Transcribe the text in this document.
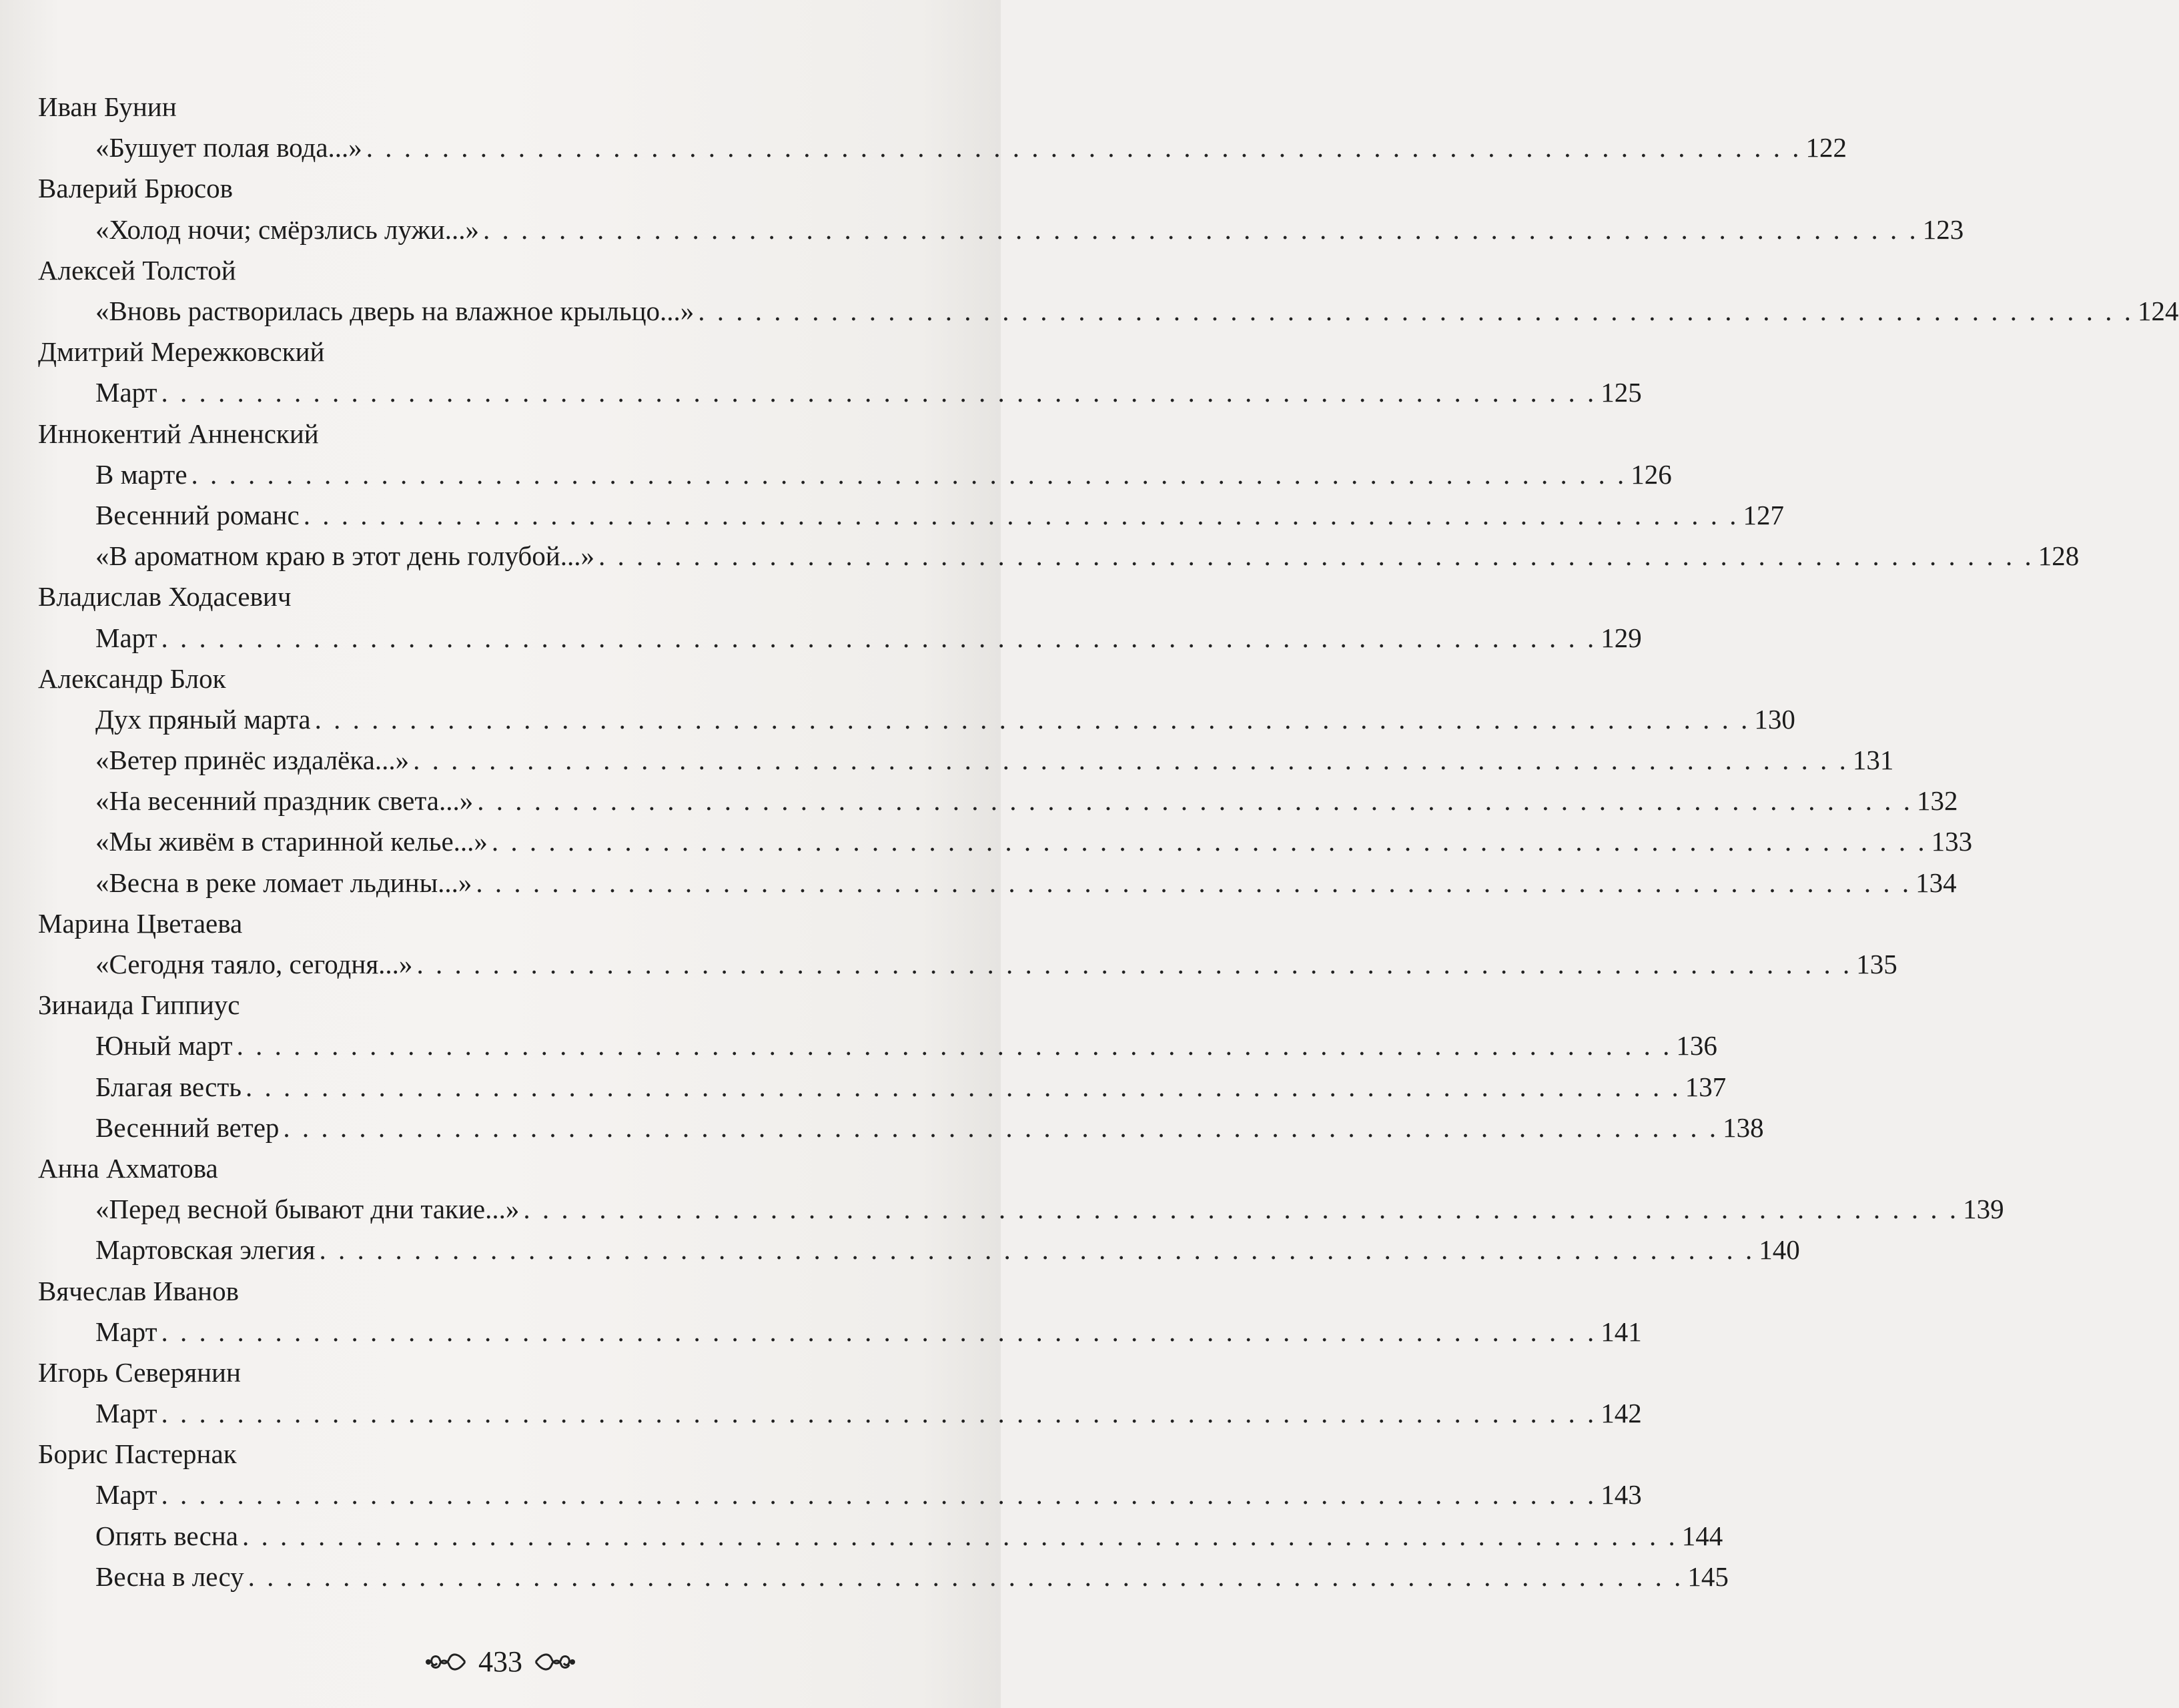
Иван Бунин
«Бушует полая вода...» . . . . . . . . . . . . . . . . . . . . . . . . . . . . . . . . . . . . . . . . . . . . . . . . . . . . . . . . . . . . . . . . . . . . . . . . . . . . 122
Валерий Брюсов
«Холод ночи; смёрзлись лужи...» . . . . . . . . . . . . . . . . . . . . . . . . . . . . . . . . . . . . . . . . . . . . . . . . . . . . . . . . . . . . . . . . . . . . . . . . . . . . 123
Алексей Толстой
«Вновь растворилась дверь на влажное крыльцо...» . . . . . . . . . . . . . . . . . . . . . . . . . . . . . . . . . . . . . . . . . . . . . . . . . . . . . . . . . . . . . . . . . . . . . . . . . . . . 124
Дмитрий Мережковский
Март . . . . . . . . . . . . . . . . . . . . . . . . . . . . . . . . . . . . . . . . . . . . . . . . . . . . . . . . . . . . . . . . . . . . . . . . . . . . 125
Иннокентий Анненский
В марте . . . . . . . . . . . . . . . . . . . . . . . . . . . . . . . . . . . . . . . . . . . . . . . . . . . . . . . . . . . . . . . . . . . . . . . . . . . . 126
Весенний романс . . . . . . . . . . . . . . . . . . . . . . . . . . . . . . . . . . . . . . . . . . . . . . . . . . . . . . . . . . . . . . . . . . . . . . . . . . . . 127
«В ароматном краю в этот день голубой...» . . . . . . . . . . . . . . . . . . . . . . . . . . . . . . . . . . . . . . . . . . . . . . . . . . . . . . . . . . . . . . . . . . . . . . . . . . . . 128
Владислав Ходасевич
Март . . . . . . . . . . . . . . . . . . . . . . . . . . . . . . . . . . . . . . . . . . . . . . . . . . . . . . . . . . . . . . . . . . . . . . . . . . . . 129
Александр Блок
Дух пряный марта . . . . . . . . . . . . . . . . . . . . . . . . . . . . . . . . . . . . . . . . . . . . . . . . . . . . . . . . . . . . . . . . . . . . . . . . . . . . 130
«Ветер принёс издалёка...» . . . . . . . . . . . . . . . . . . . . . . . . . . . . . . . . . . . . . . . . . . . . . . . . . . . . . . . . . . . . . . . . . . . . . . . . . . . . 131
«На весенний праздник света...» . . . . . . . . . . . . . . . . . . . . . . . . . . . . . . . . . . . . . . . . . . . . . . . . . . . . . . . . . . . . . . . . . . . . . . . . . . . . 132
«Мы живём в старинной келье...» . . . . . . . . . . . . . . . . . . . . . . . . . . . . . . . . . . . . . . . . . . . . . . . . . . . . . . . . . . . . . . . . . . . . . . . . . . . . 133
«Весна в реке ломает льдины...» . . . . . . . . . . . . . . . . . . . . . . . . . . . . . . . . . . . . . . . . . . . . . . . . . . . . . . . . . . . . . . . . . . . . . . . . . . . . 134
Марина Цветаева
«Сегодня таяло, сегодня...» . . . . . . . . . . . . . . . . . . . . . . . . . . . . . . . . . . . . . . . . . . . . . . . . . . . . . . . . . . . . . . . . . . . . . . . . . . . . 135
Зинаида Гиппиус
Юный март . . . . . . . . . . . . . . . . . . . . . . . . . . . . . . . . . . . . . . . . . . . . . . . . . . . . . . . . . . . . . . . . . . . . . . . . . . . . 136
Благая весть . . . . . . . . . . . . . . . . . . . . . . . . . . . . . . . . . . . . . . . . . . . . . . . . . . . . . . . . . . . . . . . . . . . . . . . . . . . . 137
Весенний ветер . . . . . . . . . . . . . . . . . . . . . . . . . . . . . . . . . . . . . . . . . . . . . . . . . . . . . . . . . . . . . . . . . . . . . . . . . . . . 138
Анна Ахматова
«Перед весной бывают дни такие...» . . . . . . . . . . . . . . . . . . . . . . . . . . . . . . . . . . . . . . . . . . . . . . . . . . . . . . . . . . . . . . . . . . . . . . . . . . . . 139
Мартовская элегия . . . . . . . . . . . . . . . . . . . . . . . . . . . . . . . . . . . . . . . . . . . . . . . . . . . . . . . . . . . . . . . . . . . . . . . . . . . . 140
Вячеслав Иванов
Март . . . . . . . . . . . . . . . . . . . . . . . . . . . . . . . . . . . . . . . . . . . . . . . . . . . . . . . . . . . . . . . . . . . . . . . . . . . . 141
Игорь Северянин
Март . . . . . . . . . . . . . . . . . . . . . . . . . . . . . . . . . . . . . . . . . . . . . . . . . . . . . . . . . . . . . . . . . . . . . . . . . . . . 142
Борис Пастернак
Март . . . . . . . . . . . . . . . . . . . . . . . . . . . . . . . . . . . . . . . . . . . . . . . . . . . . . . . . . . . . . . . . . . . . . . . . . . . . 143
Опять весна . . . . . . . . . . . . . . . . . . . . . . . . . . . . . . . . . . . . . . . . . . . . . . . . . . . . . . . . . . . . . . . . . . . . . . . . . . . . 144
Весна в лесу . . . . . . . . . . . . . . . . . . . . . . . . . . . . . . . . . . . . . . . . . . . . . . . . . . . . . . . . . . . . . . . . . . . . . . . . . . . . 145
433
